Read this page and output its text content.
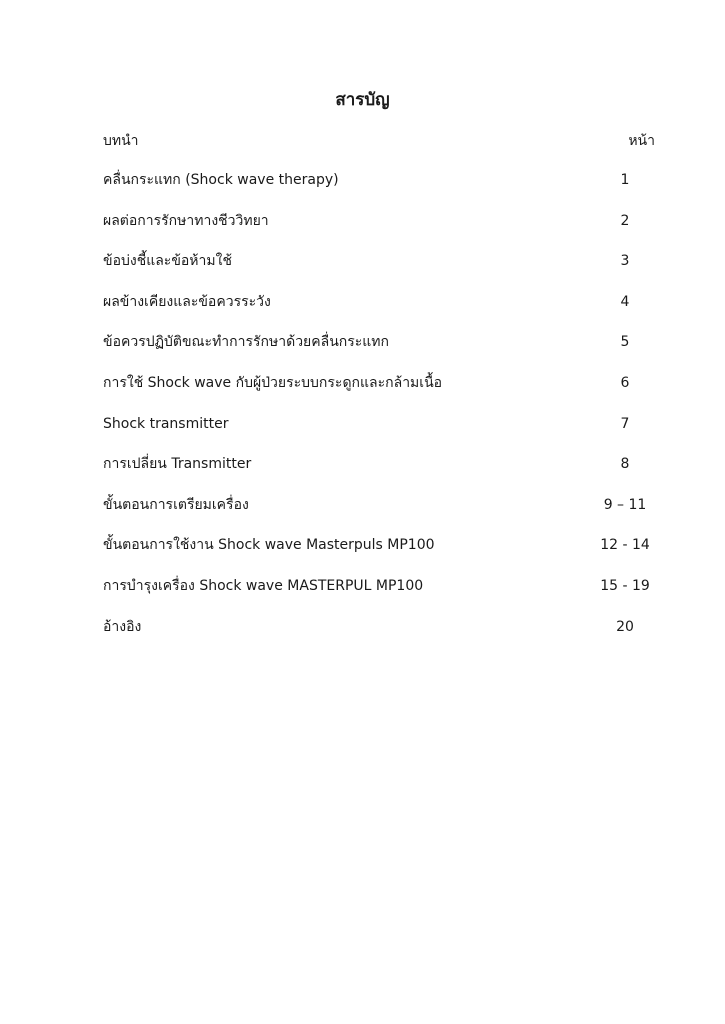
สารบัญ
บทนำ	หน้า
คลื่นกระแทก (Shock wave therapy)	1
ผลต่อการรักษาทางชีววิทยา	2
ข้อบ่งชี้และข้อห้ามใช้	3
ผลข้างเคียงและข้อควรระวัง	4
ข้อควรปฏิบัติขณะทำการรักษาด้วยคลื่นกระแทก	5
การใช้ Shock wave กับผู้ป่วยระบบกระดูกและกล้ามเนื้อ	6
Shock transmitter	7
การเปลี่ยน Transmitter	8
ขั้นตอนการเตรียมเครื่อง	9 – 11
ขั้นตอนการใช้งาน Shock wave Masterpuls MP100	12 - 14
การบำรุงเครื่อง Shock wave MASTERPUL MP100	15 - 19
อ้างอิง	20
